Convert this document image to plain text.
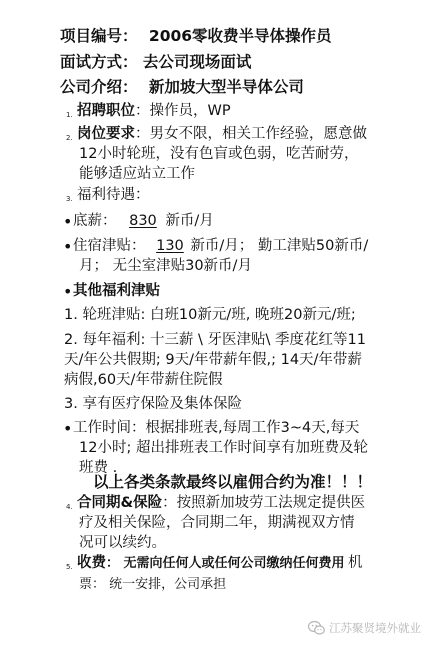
项目编号： 2006零收费半导体操作员
面试方式： 去公司现场面试
公司介绍： 新加坡大型半导体公司
1. 招聘职位：操作员，WP
2. 岗位要求：男女不限，相关工作经验，愿意做
12小时轮班，没有色盲或色弱，吃苦耐劳，
能够适应站立工作
3. 福利待遇：
• 底薪： 830 新币/月
• 住宿津贴： 130 新币/月； 勤工津贴50新币/
月； 无尘室津贴30新币/月
• 其他福利津贴
1. 轮班津贴: 白班10新元/班, 晚班20新元/班;
2. 每年福利: 十三薪 \ 牙医津贴\ 季度花红等11
天/年公共假期; 9天/年带薪年假,; 14天/年带薪
病假,60天/年带薪住院假
3. 享有医疗保险及集体保险
• 工作时间：根据排班表,每周工作3~4天,每天
12小时; 超出排班表工作时间享有加班费及轮
班费 .
以上各类条款最终以雇佣合约为准！！！
4. 合同期&保险：按照新加坡劳工法规定提供医
疗及相关保险，合同期二年，期满视双方情
况可以续约。
5. 收费： 无需向任何人或任何公司缴纳任何费用 机
票： 统一安排，公司承担
江苏聚贤境外就业
